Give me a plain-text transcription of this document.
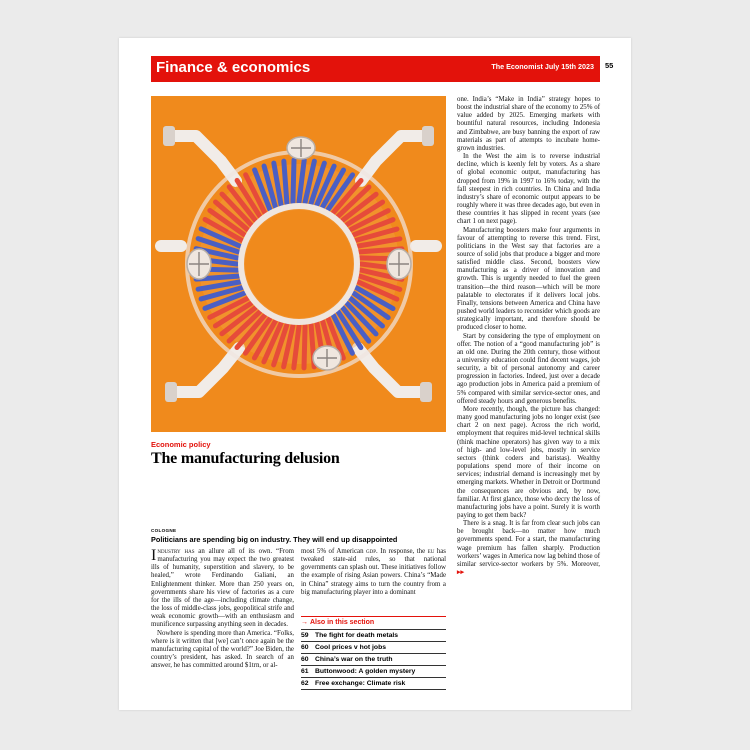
Finance & economics	The Economist July 15th 2023 55
Economic policy
The manufacturing delusion
COLOGNE
Politicians are spending big on industry. They will end up disappointed

Industry has an allure all of its own. “From manufacturing you may expect the two greatest ills of humanity, superstition and slavery, to be healed,” wrote Ferdinando Galiani, an Enlightenment thinker. More than 250 years on, governments share his view of factories as a cure for the ills of the age—including climate change, the loss of middle-class jobs, geopolitical strife and weak economic growth—with an enthusiasm and munificence surpassing anything seen in decades.

Nowhere is spending more than America. “Folks, where is it written that [we] can’t once again be the manufacturing capital of the world?” Joe Biden, the country’s president, has asked. In search of an answer, he has committed around $1trn, or al-

most 5% of American gdp. In response, the eu has tweaked state-aid rules, so that national governments can splash out. These initiatives follow the example of rising Asian powers. China’s “Made in China” strategy aims to turn the country from a big manufacturing player into a dominant

→ Also in this section
59 The fight for death metals
60 Cool prices v hot jobs
60 China’s war on the truth
61 Buttonwood: A golden mystery
62 Free exchange: Climate risk

one. India’s “Make in India” strategy hopes to boost the industrial share of the economy to 25% of value added by 2025. Emerging markets with bountiful natural resources, including Indonesia and Zimbabwe, are busy banning the export of raw materials as part of attempts to incubate home-grown industries.

In the West the aim is to reverse industrial decline, which is keenly felt by voters. As a share of global economic output, manufacturing has dropped from 19% in 1997 to 16% today, with the fall steepest in rich countries. In China and India industry’s share of economic output appears to be roughly where it was three decades ago, but even in these countries it has slipped in recent years (see chart 1 on next page).

Manufacturing boosters make four arguments in favour of attempting to reverse this trend. First, politicians in the West say that factories are a source of solid jobs that produce a bigger and more satisfied middle class. Second, boosters view manufacturing as a driver of innovation and growth. This is urgently needed to fuel the green transition—the third reason—which will be more palatable to electorates if it delivers local jobs. Finally, tensions between America and China have pushed world leaders to reconsider which goods are strategically important, and therefore should be produced closer to home.

Start by considering the type of employment on offer. The notion of a “good manufacturing job” is an old one. During the 20th century, those without a university education could find decent wages, job security, a bit of personal autonomy and career progression in factories. Indeed, just over a decade ago production jobs in America paid a premium of 5% compared with similar service-sector ones, and offered steady hours and generous benefits.

More recently, though, the picture has changed: many good manufacturing jobs no longer exist (see chart 2 on next page). Across the rich world, employment that requires mid-level technical skills (think machine operators) has given way to a mix of high- and low-level jobs, mostly in service sectors (think coders and baristas). Wealthy populations spend more of their income on services; industrial demand is increasingly met by emerging markets. Whether in Detroit or Dortmund the consequences are obvious and, by now, familiar. At first glance, those who decry the loss of manufacturing jobs have a point. Surely it is worth paying to get them back?

There is a snag. It is far from clear such jobs can be brought back—no matter how much governments spend. For a start, the manufacturing wage premium has fallen sharply. Production workers’ wages in America now lag behind those of similar service-sector workers by 5%. Moreover, ▸▸
